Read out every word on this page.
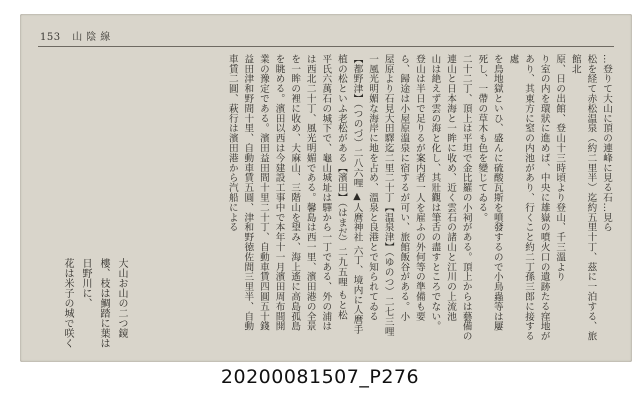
153 山陰線

…登りて大山に頂の連峰に見る石…見ら

松を経て赤松温泉（約二里半）迄約五里十丁、茲に一泊する、旅館北

原、日の出館、登山十三時頃より登山、千三溫より

り室の内を環狀に進めば、中央に雄嶽の噴火口の遺跡たる窪地が

あり、其東方に窒の内池があり、行くこと約二丁孫三郎に接する處

を鳥地獄といひ、盛んに硫酸瓦斯を噴發するので小鳥蟲等は屢

死し、一帶の草木も色を變じてゐる。

二十二丁、頂上は平坦で金比羅の小祠がある。頂上からは藝備の

連山と日本海と一眸に收め、近く雲石の諸山と江川の上流池

山は絶えず雲の海と化し、其壯觀は筆舌の盡すところでない。

登山は半日で足りるが案内者一人を雇ふの外何等の準備も要

ら、歸途は小屋原溫泉に宿するが可い、旅館飯谷がある。小

屋原より石見大田驛迄二里二十丁【温泉津】（ゆのつ）二七三哩

一風光明媚な海岸に地を占め、溫泉と良港とで知られてゐる

【都野津】（つのづ）二八六哩 ▲人麿神社 六丁、境内に人麿手

植の松といふ老松がある【濱田】（はまだ）二九五哩 もと松

平氏六萬石の城下で、龜山城址は驛から一丁である、外の浦は

は西北二十丁、風光明媚である。馨島は西一里、濱田港の全景

を一眸の裡に收め、大麻山、三階山を望み、海上遙に高島孤島

を眺める。濱田以西は今建設工事中で本年十一月濱田周布間開

業の豫定である。濱田益田間十里二十丁、自動車賃四圓五十錢

益田津和野間十里、自動車賃五圓、津和野徳佐間三里半、自動

車賃二圓、萩行は濱田港から汽船による

大山お山の二つ鏡樓、枝は鯛踏に葉は日野川に、

花は米子の城で咲く

20200081507_P276
